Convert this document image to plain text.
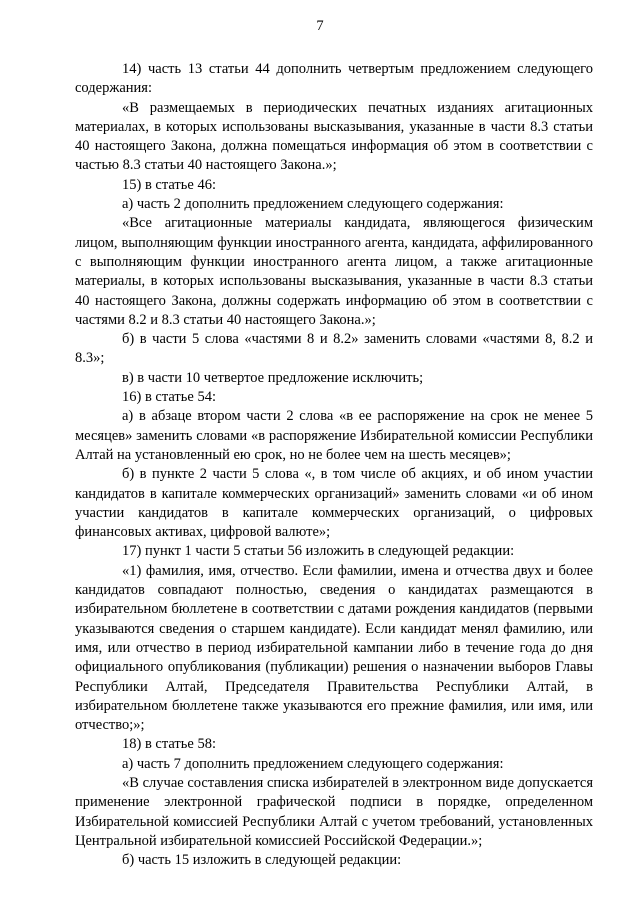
7

14) часть 13 статьи 44 дополнить четвертым предложением следующего содержания:

«В размещаемых в периодических печатных изданиях агитационных материалах, в которых использованы высказывания, указанные в части 8.3 статьи 40 настоящего Закона, должна помещаться информация об этом в соответствии с частью 8.3 статьи 40 настоящего Закона.»;

15) в статье 46:

а) часть 2 дополнить предложением следующего содержания:

«Все агитационные материалы кандидата, являющегося физическим лицом, выполняющим функции иностранного агента, кандидата, аффилированного с выполняющим функции иностранного агента лицом, а также агитационные материалы, в которых использованы высказывания, указанные в части 8.3 статьи 40 настоящего Закона, должны содержать информацию об этом в соответствии с частями 8.2 и 8.3 статьи 40 настоящего Закона.»;

б) в части 5 слова «частями 8 и 8.2» заменить словами «частями 8, 8.2 и 8.3»;

в) в части 10 четвертое предложение исключить;

16) в статье 54:

а) в абзаце втором части 2 слова «в ее распоряжение на срок не менее 5 месяцев» заменить словами «в распоряжение Избирательной комиссии Республики Алтай на установленный ею срок, но не более чем на шесть месяцев»;

б) в пункте 2 части 5 слова «, в том числе об акциях, и об ином участии кандидатов в капитале коммерческих организаций» заменить словами «и об ином участии кандидатов в капитале коммерческих организаций, о цифровых финансовых активах, цифровой валюте»;

17) пункт 1 части 5 статьи 56 изложить в следующей редакции:

«1) фамилия, имя, отчество. Если фамилии, имена и отчества двух и более кандидатов совпадают полностью, сведения о кандидатах размещаются в избирательном бюллетене в соответствии с датами рождения кандидатов (первыми указываются сведения о старшем кандидате). Если кандидат менял фамилию, или имя, или отчество в период избирательной кампании либо в течение года до дня официального опубликования (публикации) решения о назначении выборов Главы Республики Алтай, Председателя Правительства Республики Алтай, в избирательном бюллетене также указываются его прежние фамилия, или имя, или отчество;»;

18) в статье 58:

а) часть 7 дополнить предложением следующего содержания:

«В случае составления списка избирателей в электронном виде допускается применение электронной графической подписи в порядке, определенном Избирательной комиссией Республики Алтай с учетом требований, установленных Центральной избирательной комиссией Российской Федерации.»;

б) часть 15 изложить в следующей редакции:
